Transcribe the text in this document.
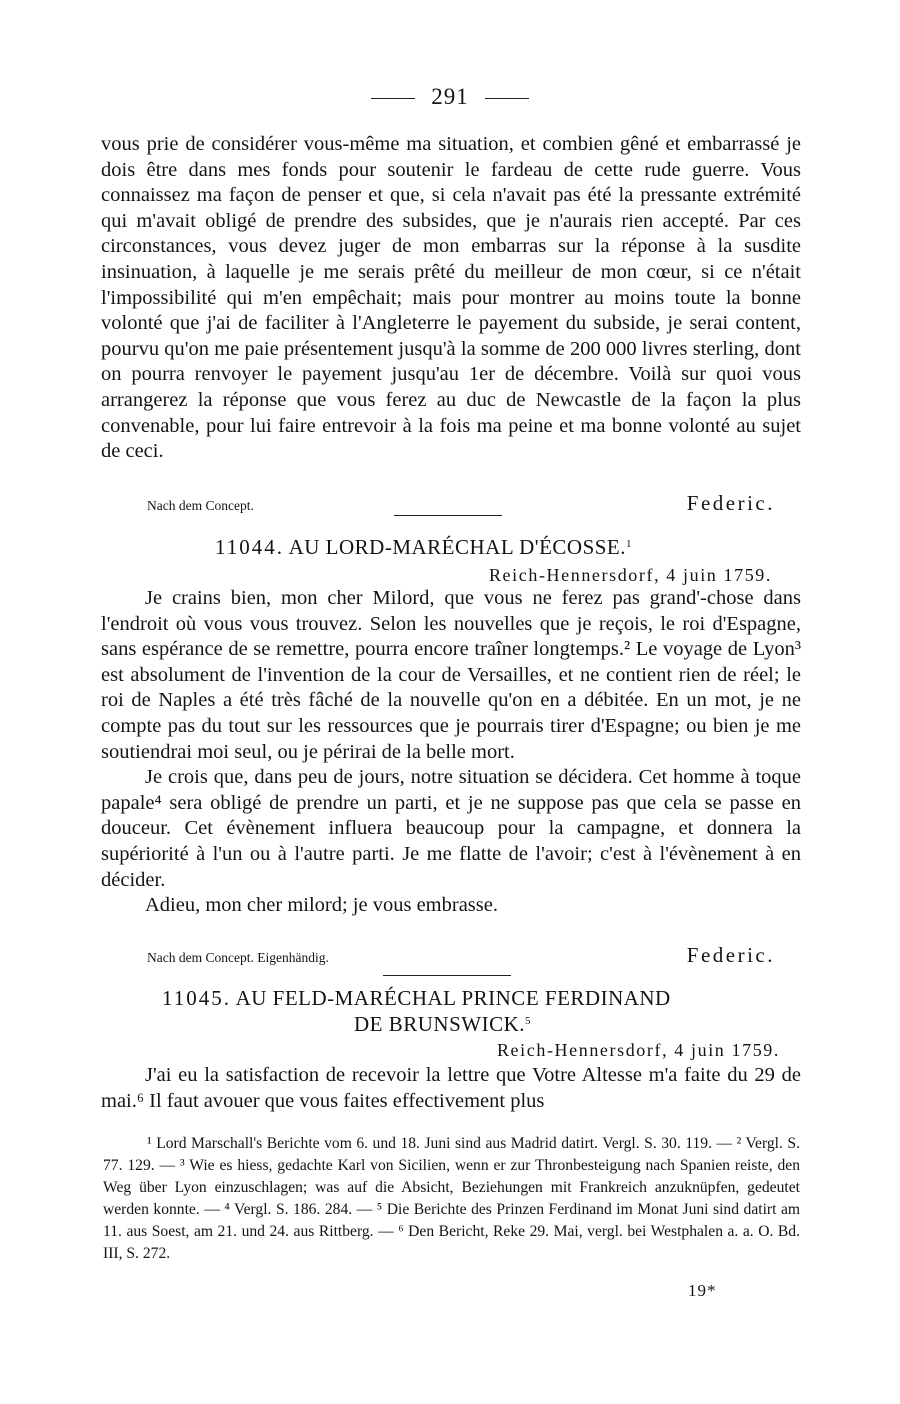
291

vous prie de considérer vous-même ma situation, et combien gêné et embarrassé je dois être dans mes fonds pour soutenir le fardeau de cette rude guerre. Vous connaissez ma façon de penser et que, si cela n'avait pas été la pressante extrémité qui m'avait obligé de prendre des subsides, que je n'aurais rien accepté. Par ces circonstances, vous devez juger de mon embarras sur la réponse à la susdite insinuation, à laquelle je me serais prêté du meilleur de mon cœur, si ce n'était l'impossibilité qui m'en empêchait; mais pour montrer au moins toute la bonne volonté que j'ai de faciliter à l'Angleterre le payement du subside, je serai content, pourvu qu'on me paie présentement jusqu'à la somme de 200 000 livres sterling, dont on pourra renvoyer le payement jusqu'au 1er de décembre. Voilà sur quoi vous arrangerez la réponse que vous ferez au duc de Newcastle de la façon la plus convenable, pour lui faire entrevoir à la fois ma peine et ma bonne volonté au sujet de ceci.

Nach dem Concept.	Federic.
11044. AU LORD-MARÉCHAL D'ÉCOSSE.$^1$
Reich-Hennersdorf, 4 juin 1759.

Je crains bien, mon cher Milord, que vous ne ferez pas grand'-chose dans l'endroit où vous vous trouvez. Selon les nouvelles que je reçois, le roi d'Espagne, sans espérance de se remettre, pourra encore traîner longtemps.² Le voyage de Lyon³ est absolument de l'invention de la cour de Versailles, et ne contient rien de réel; le roi de Naples a été très fâché de la nouvelle qu'on en a débitée. En un mot, je ne compte pas du tout sur les ressources que je pourrais tirer d'Espagne; ou bien je me soutiendrai moi seul, ou je périrai de la belle mort.

Je crois que, dans peu de jours, notre situation se décidera. Cet homme à toque papale⁴ sera obligé de prendre un parti, et je ne suppose pas que cela se passe en douceur. Cet évènement influera beaucoup pour la campagne, et donnera la supériorité à l'un ou à l'autre parti. Je me flatte de l'avoir; c'est à l'évènement à en décider.

Adieu, mon cher milord; je vous embrasse.

Nach dem Concept. Eigenhändig.	Federic.
11045. AU FELD-MARÉCHAL PRINCE FERDINAND
DE BRUNSWICK.$^5$
Reich-Hennersdorf, 4 juin 1759.

J'ai eu la satisfaction de recevoir la lettre que Votre Altesse m'a faite du 29 de mai.⁶ Il faut avouer que vous faites effectivement plus

¹ Lord Marschall's Berichte vom 6. und 18. Juni sind aus Madrid datirt. Vergl. S. 30. 119. — ² Vergl. S. 77. 129. — ³ Wie es hiess, gedachte Karl von Sicilien, wenn er zur Thronbesteigung nach Spanien reiste, den Weg über Lyon einzuschlagen; was auf die Absicht, Beziehungen mit Frankreich anzuknüpfen, gedeutet werden konnte. — ⁴ Vergl. S. 186. 284. — ⁵ Die Berichte des Prinzen Ferdinand im Monat Juni sind datirt am 11. aus Soest, am 21. und 24. aus Rittberg. — ⁶ Den Bericht, Reke 29. Mai, vergl. bei Westphalen a. a. O. Bd. III, S. 272.

19*
